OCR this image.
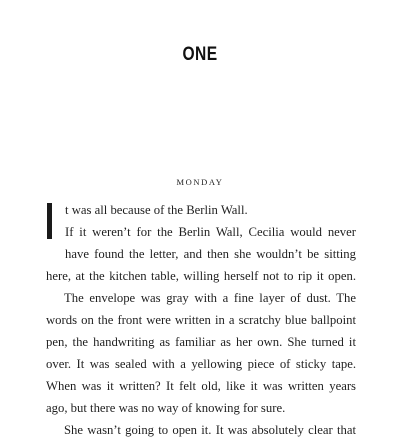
ONE
MONDAY
t was all because of the Berlin Wall.
If it weren’t for the Berlin Wall, Cecilia would never
have found the letter, and then she wouldn’t be sitting
here, at the kitchen table, willing herself not to rip it open.
The envelope was gray with a fine layer of dust. The
words on the front were written in a scratchy blue ballpoint
pen, the handwriting as familiar as her own. She turned it
over. It was sealed with a yellowing piece of sticky tape.
When was it written? It felt old, like it was written years
ago, but there was no way of knowing for sure.
She wasn’t going to open it. It was absolutely clear that
